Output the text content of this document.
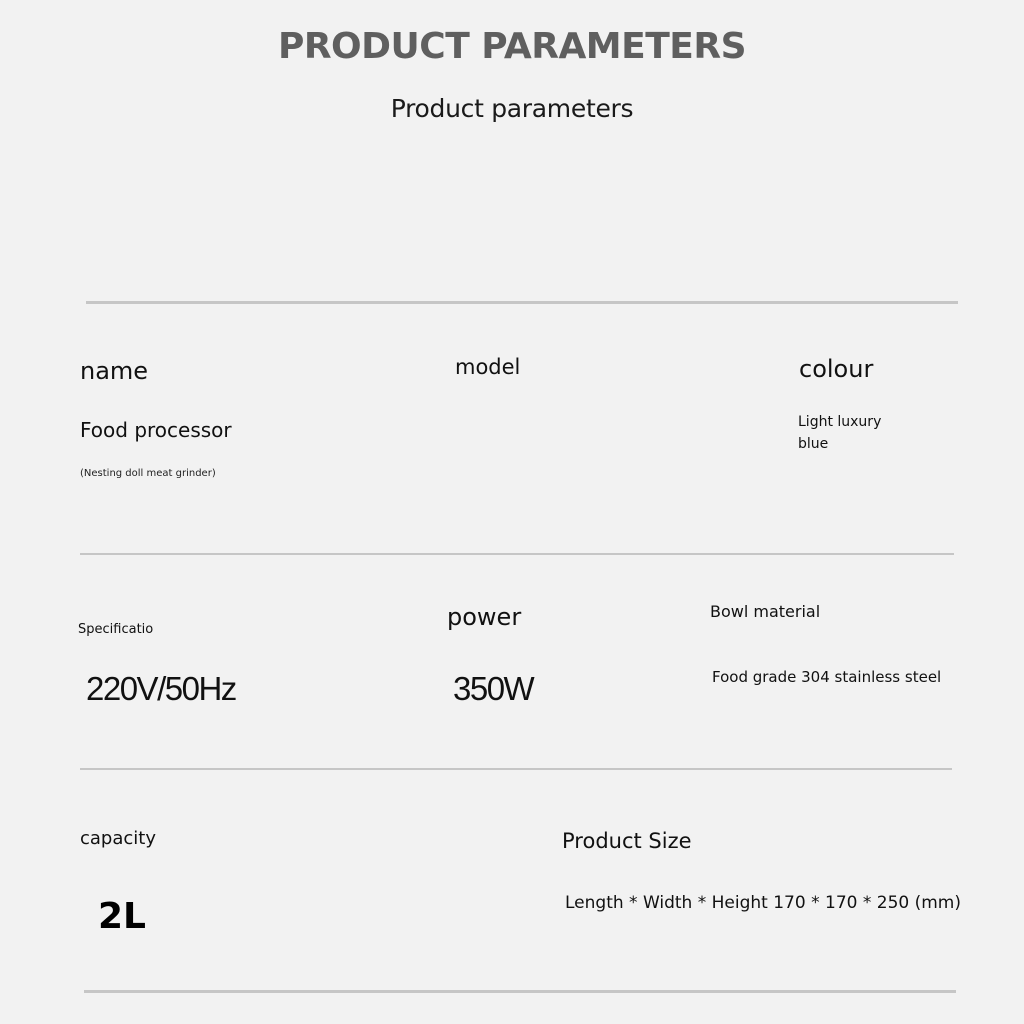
PRODUCT PARAMETERS
Product parameters
name
Food processor
(Nesting doll meat grinder)
model	colour
Light luxury
blue
Specificatio
220V/50Hz
power
350W
Bowl material
Food grade 304 stainless steel
capacity
2L
Product Size
Length * Width * Height 170 * 170 * 250 (mm)
